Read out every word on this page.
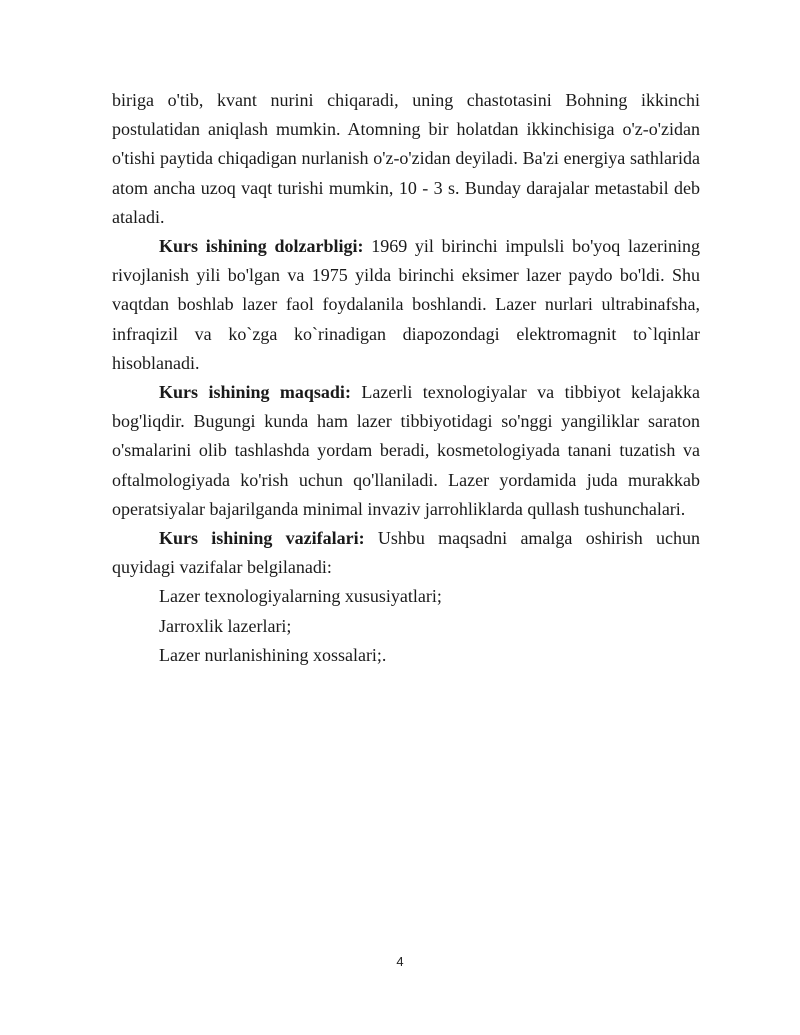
biriga o'tib, kvant nurini chiqaradi, uning chastotasini Bohning ikkinchi postulatidan aniqlash mumkin. Atomning bir holatdan ikkinchisiga o'z-o'zidan o'tishi paytida chiqadigan nurlanish o'z-o'zidan deyiladi. Ba'zi energiya sathlarida atom ancha uzoq vaqt turishi mumkin, 10 - 3 s. Bunday darajalar metastabil deb ataladi.

Kurs ishining dolzarbligi: 1969 yil birinchi impulsli bo'yoq lazerining rivojlanish yili bo'lgan va 1975 yilda birinchi eksimer lazer paydo bo'ldi. Shu vaqtdan boshlab lazer faol foydalanila boshlandi. Lazer nurlari ultrabinafsha, infraqizil va ko`zga ko`rinadigan diapozondagi elektromagnit to`lqinlar hisoblanadi.

Kurs ishining maqsadi: Lazerli texnologiyalar va tibbiyot kelajakka bog'liqdir. Bugungi kunda ham lazer tibbiyotidagi so'nggi yangiliklar saraton o'smalarini olib tashlashda yordam beradi, kosmetologiyada tanani tuzatish va oftalmologiyada ko'rish uchun qo'llaniladi. Lazer yordamida juda murakkab operatsiyalar bajarilganda minimal invaziv jarrohliklarda qullash tushunchalari.

Kurs ishining vazifalari: Ushbu maqsadni amalga oshirish uchun quyidagi vazifalar belgilanadi:

Lazer texnologiyalarning xususiyatlari;

Jarroxlik lazerlari;

Lazer nurlanishining xossalari;.

4
